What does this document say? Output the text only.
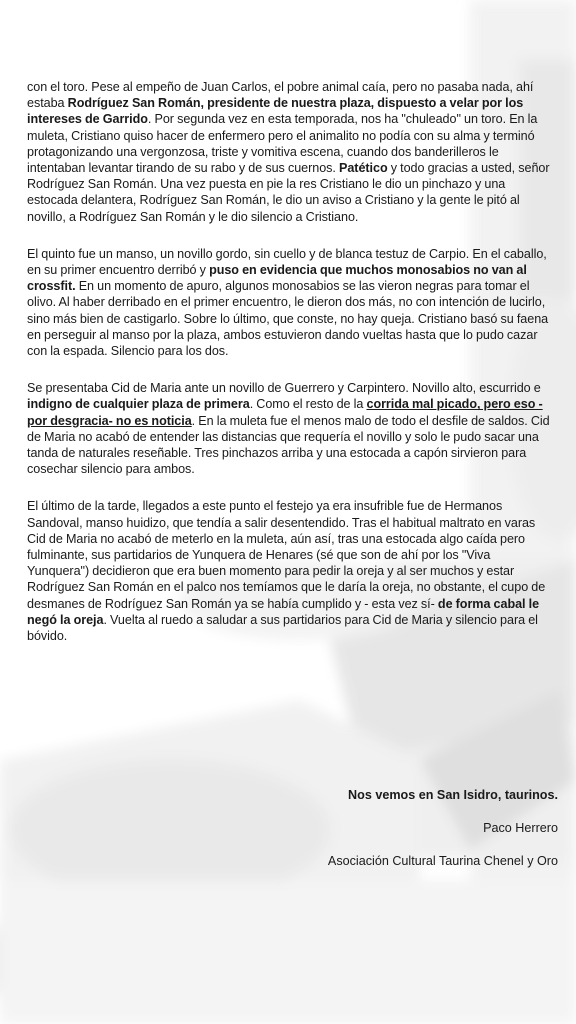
con el toro. Pese al empeño de Juan Carlos, el pobre animal caía, pero no pasaba nada, ahí estaba Rodríguez San Román, presidente de nuestra plaza, dispuesto a velar por los intereses de Garrido. Por segunda vez en esta temporada, nos ha "chuleado" un toro. En la muleta, Cristiano quiso hacer de enfermero pero el animalito no podía con su alma y terminó protagonizando una vergonzosa, triste y vomitiva escena, cuando dos banderilleros le intentaban levantar tirando de su rabo y de sus cuernos. Patético y todo gracias a usted, señor Rodríguez San Román. Una vez puesta en pie la res Cristiano le dio un pinchazo y una estocada delantera, Rodríguez San Román, le dio un aviso a Cristiano y la gente le pitó al novillo, a Rodríguez San Román y le dio silencio a Cristiano.

El quinto fue un manso, un novillo gordo, sin cuello y de blanca testuz de Carpio. En el caballo, en su primer encuentro derribó y puso en evidencia que muchos monosabios no van al crossfit. En un momento de apuro, algunos monosabios se las vieron negras para tomar el olivo. Al haber derribado en el primer encuentro, le dieron dos más, no con intención de lucirlo, sino más bien de castigarlo. Sobre lo último, que conste, no hay queja. Cristiano basó su faena en perseguir al manso por la plaza, ambos estuvieron dando vueltas hasta que lo pudo cazar con la espada. Silencio para los dos.

Se presentaba Cid de Maria ante un novillo de Guerrero y Carpintero. Novillo alto, escurrido e indigno de cualquier plaza de primera. Como el resto de la corrida mal picado, pero eso - por desgracia- no es noticia. En la muleta fue el menos malo de todo el desfile de saldos. Cid de Maria no acabó de entender las distancias que requería el novillo y solo le pudo sacar una tanda de naturales reseñable. Tres pinchazos arriba y una estocada a capón sirvieron para cosechar silencio para ambos.

El último de la tarde, llegados a este punto el festejo ya era insufrible fue de Hermanos Sandoval, manso huidizo, que tendía a salir desentendido. Tras el habitual maltrato en varas Cid de Maria no acabó de meterlo en la muleta, aún así, tras una estocada algo caída pero fulminante, sus partidarios de Yunquera de Henares (sé que son de ahí por los "Viva Yunquera") decidieron que era buen momento para pedir la oreja y al ser muchos y estar Rodríguez San Román en el palco nos temíamos que le daría la oreja, no obstante, el cupo de desmanes de Rodríguez San Román ya se había cumplido y - esta vez sí- de forma cabal le negó la oreja. Vuelta al ruedo a saludar a sus partidarios para Cid de Maria y silencio para el bóvido.

Nos vemos en San Isidro, taurinos.
Paco Herrero
Asociación Cultural Taurina Chenel y Oro
